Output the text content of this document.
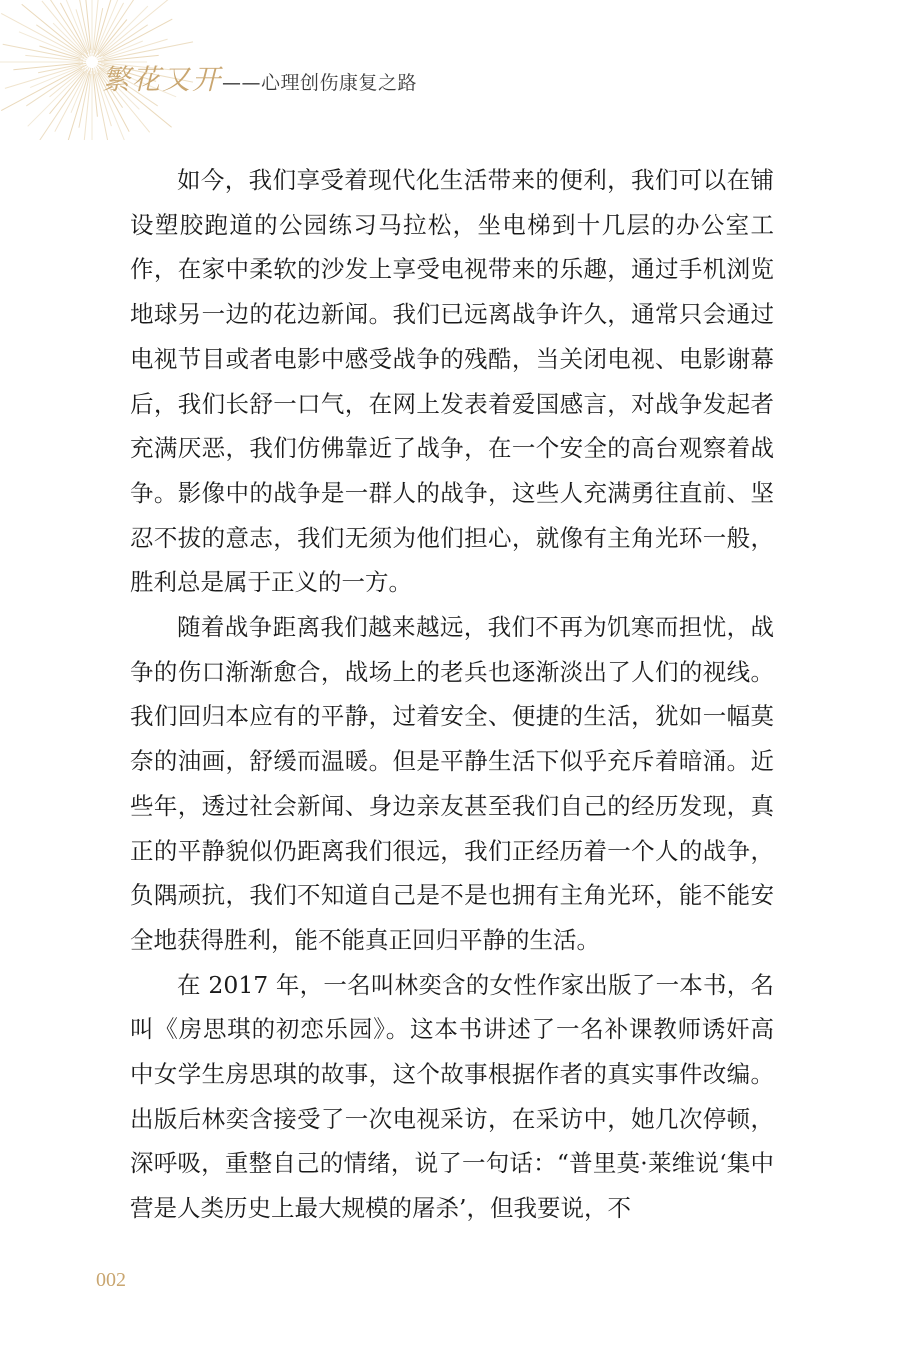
繁花又开——心理创伤康复之路

如今，我们享受着现代化生活带来的便利，我们可以在铺设塑胶跑道的公园练习马拉松，坐电梯到十几层的办公室工作，在家中柔软的沙发上享受电视带来的乐趣，通过手机浏览地球另一边的花边新闻。我们已远离战争许久，通常只会通过电视节目或者电影中感受战争的残酷，当关闭电视、电影谢幕后，我们长舒一口气，在网上发表着爱国感言，对战争发起者充满厌恶，我们仿佛靠近了战争，在一个安全的高台观察着战争。影像中的战争是一群人的战争，这些人充满勇往直前、坚忍不拔的意志，我们无须为他们担心，就像有主角光环一般，胜利总是属于正义的一方。

随着战争距离我们越来越远，我们不再为饥寒而担忧，战争的伤口渐渐愈合，战场上的老兵也逐渐淡出了人们的视线。我们回归本应有的平静，过着安全、便捷的生活，犹如一幅莫奈的油画，舒缓而温暖。但是平静生活下似乎充斥着暗涌。近些年，透过社会新闻、身边亲友甚至我们自己的经历发现，真正的平静貌似仍距离我们很远，我们正经历着一个人的战争，负隅顽抗，我们不知道自己是不是也拥有主角光环，能不能安全地获得胜利，能不能真正回归平静的生活。

在 2017 年，一名叫林奕含的女性作家出版了一本书，名叫《房思琪的初恋乐园》。这本书讲述了一名补课教师诱奸高中女学生房思琪的故事，这个故事根据作者的真实事件改编。出版后林奕含接受了一次电视采访，在采访中，她几次停顿，深呼吸，重整自己的情绪，说了一句话：“普里莫·莱维说‘集中营是人类历史上最大规模的屠杀’，但我要说，不

002
